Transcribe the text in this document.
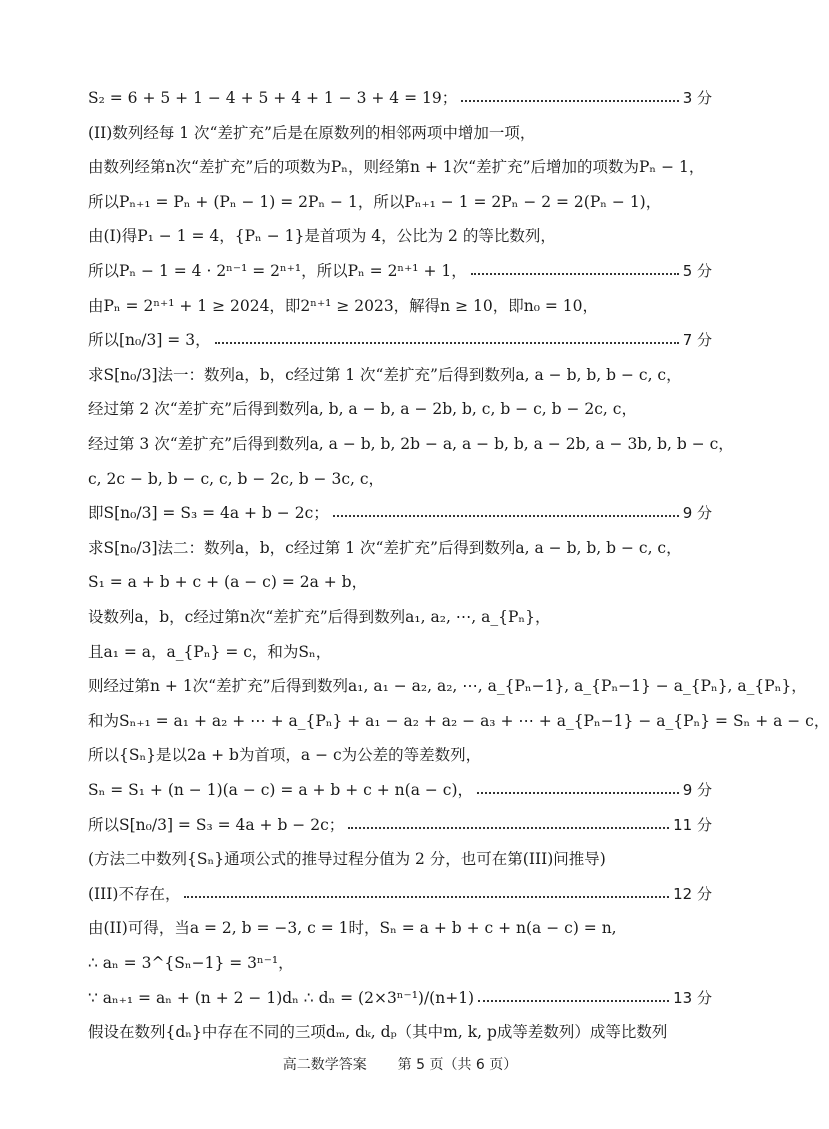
S₂ = 6 + 5 + 1 − 4 + 5 + 4 + 1 − 3 + 4 = 19；	3 分
(II)数列经每 1 次“差扩充”后是在原数列的相邻两项中增加一项，
由数列经第n次“差扩充”后的项数为Pₙ，则经第n + 1次“差扩充”后增加的项数为Pₙ − 1，
所以Pₙ₊₁ = Pₙ + (Pₙ − 1) = 2Pₙ − 1，所以Pₙ₊₁ − 1 = 2Pₙ − 2 = 2(Pₙ − 1)，
由(I)得P₁ − 1 = 4，{Pₙ − 1}是首项为 4，公比为 2 的等比数列，
所以Pₙ − 1 = 4 · 2ⁿ⁻¹ = 2ⁿ⁺¹，所以Pₙ = 2ⁿ⁺¹ + 1，	5 分
由Pₙ = 2ⁿ⁺¹ + 1 ≥ 2024，即2ⁿ⁺¹ ≥ 2023，解得n ≥ 10，即n₀ = 10，
所以[n₀/3] = 3，	7 分
求S[n₀/3]法一：数列a，b，c经过第 1 次“差扩充”后得到数列a, a − b, b, b − c, c，
经过第 2 次“差扩充”后得到数列a, b, a − b, a − 2b, b, c, b − c, b − 2c, c，
经过第 3 次“差扩充”后得到数列a, a − b, b, 2b − a, a − b, b, a − 2b, a − 3b, b, b − c，
c, 2c − b, b − c, c, b − 2c, b − 3c, c，
即S[n₀/3] = S₃ = 4a + b − 2c；	9 分
求S[n₀/3]法二：数列a，b，c经过第 1 次“差扩充”后得到数列a, a − b, b, b − c, c，
S₁ = a + b + c + (a − c) = 2a + b，
设数列a，b，c经过第n次“差扩充”后得到数列a₁, a₂, ⋯, a_{Pₙ}，
且a₁ = a，a_{Pₙ} = c，和为Sₙ，
则经过第n + 1次“差扩充”后得到数列a₁, a₁ − a₂, a₂, ⋯, a_{Pₙ−1}, a_{Pₙ−1} − a_{Pₙ}, a_{Pₙ}，
和为Sₙ₊₁ = a₁ + a₂ + ⋯ + a_{Pₙ} + a₁ − a₂ + a₂ − a₃ + ⋯ + a_{Pₙ−1} − a_{Pₙ} = Sₙ + a − c，
所以{Sₙ}是以2a + b为首项，a − c为公差的等差数列，
Sₙ = S₁ + (n − 1)(a − c) = a + b + c + n(a − c)，	9 分
所以S[n₀/3] = S₃ = 4a + b − 2c；	11 分
(方法二中数列{Sₙ}通项公式的推导过程分值为 2 分，也可在第(III)问推导)
(III)不存在，	12 分
由(II)可得，当a = 2, b = −3, c = 1时，Sₙ = a + b + c + n(a − c) = n,
∴ aₙ = 3^{Sₙ−1} = 3ⁿ⁻¹，
∵ aₙ₊₁ = aₙ + (n + 2 − 1)dₙ ∴ dₙ = (2×3ⁿ⁻¹)/(n+1)	13 分
假设在数列{dₙ}中存在不同的三项dₘ, dₖ, dₚ（其中m, k, p成等差数列）成等比数列
高二数学答案 第 5 页（共 6 页）
